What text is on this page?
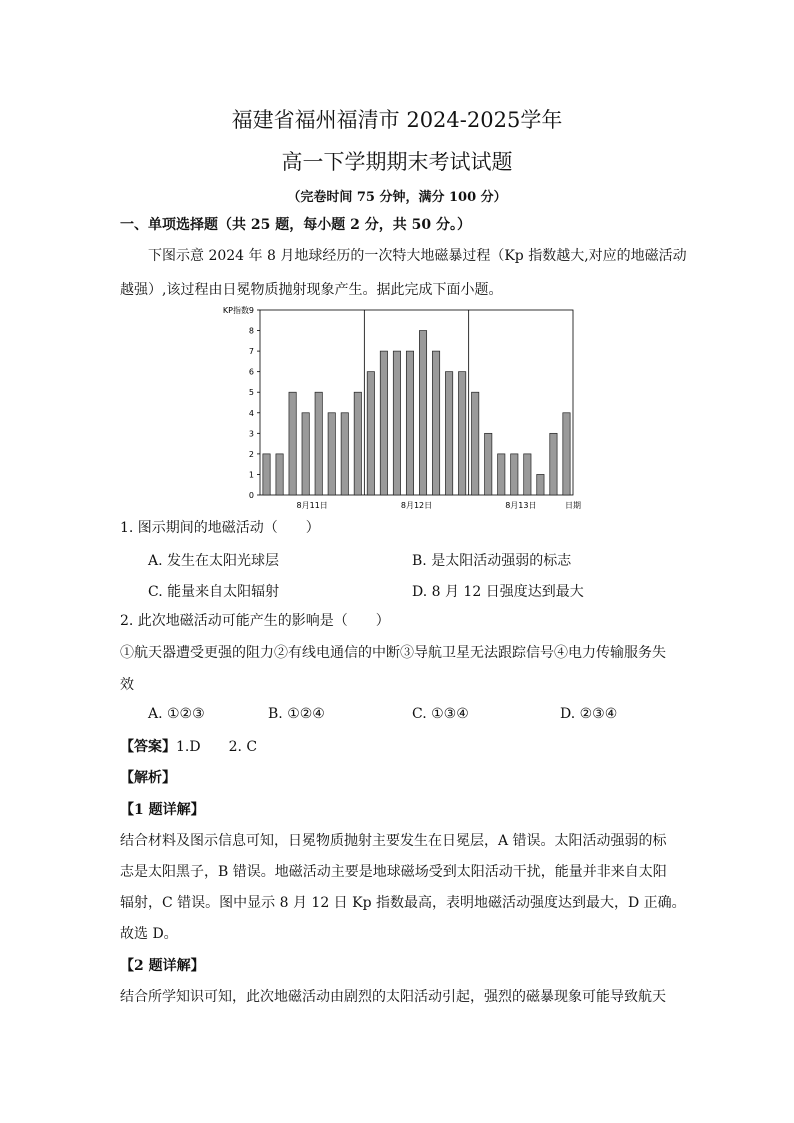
福建省福州福清市 2024-2025学年
高一下学期期末考试试题
（完卷时间 75 分钟，满分 100 分）
一、单项选择题（共 25 题，每小题 2 分，共 50 分。）
下图示意 2024 年 8 月地球经历的一次特大地磁暴过程（Kp 指数越大,对应的地磁活动
越强）,该过程由日冕物质抛射现象产生。据此完成下面小题。
0
1
2
3
4
5
6
7
8
9
KP指数
8月11日	8月12日	8月13日	日期
1. 图示期间的地磁活动（　　）
A. 发生在太阳光球层	B. 是太阳活动强弱的标志
C. 能量来自太阳辐射	D. 8 月 12 日强度达到最大
2. 此次地磁活动可能产生的影响是（　　）
①航天器遭受更强的阻力②有线电通信的中断③导航卫星无法跟踪信号④电力传输服务失
效
A. ①②③	B. ①②④	C. ①③④	D. ②③④
【答案】1.D　　2. C
【解析】
【1 题详解】
结合材料及图示信息可知，日冕物质抛射主要发生在日冕层，A 错误。太阳活动强弱的标
志是太阳黑子，B 错误。地磁活动主要是地球磁场受到太阳活动干扰，能量并非来自太阳
辐射，C 错误。图中显示 8 月 12 日 Kp 指数最高，表明地磁活动强度达到最大，D 正确。
故选 D。
【2 题详解】
结合所学知识可知，此次地磁活动由剧烈的太阳活动引起，强烈的磁暴现象可能导致航天
